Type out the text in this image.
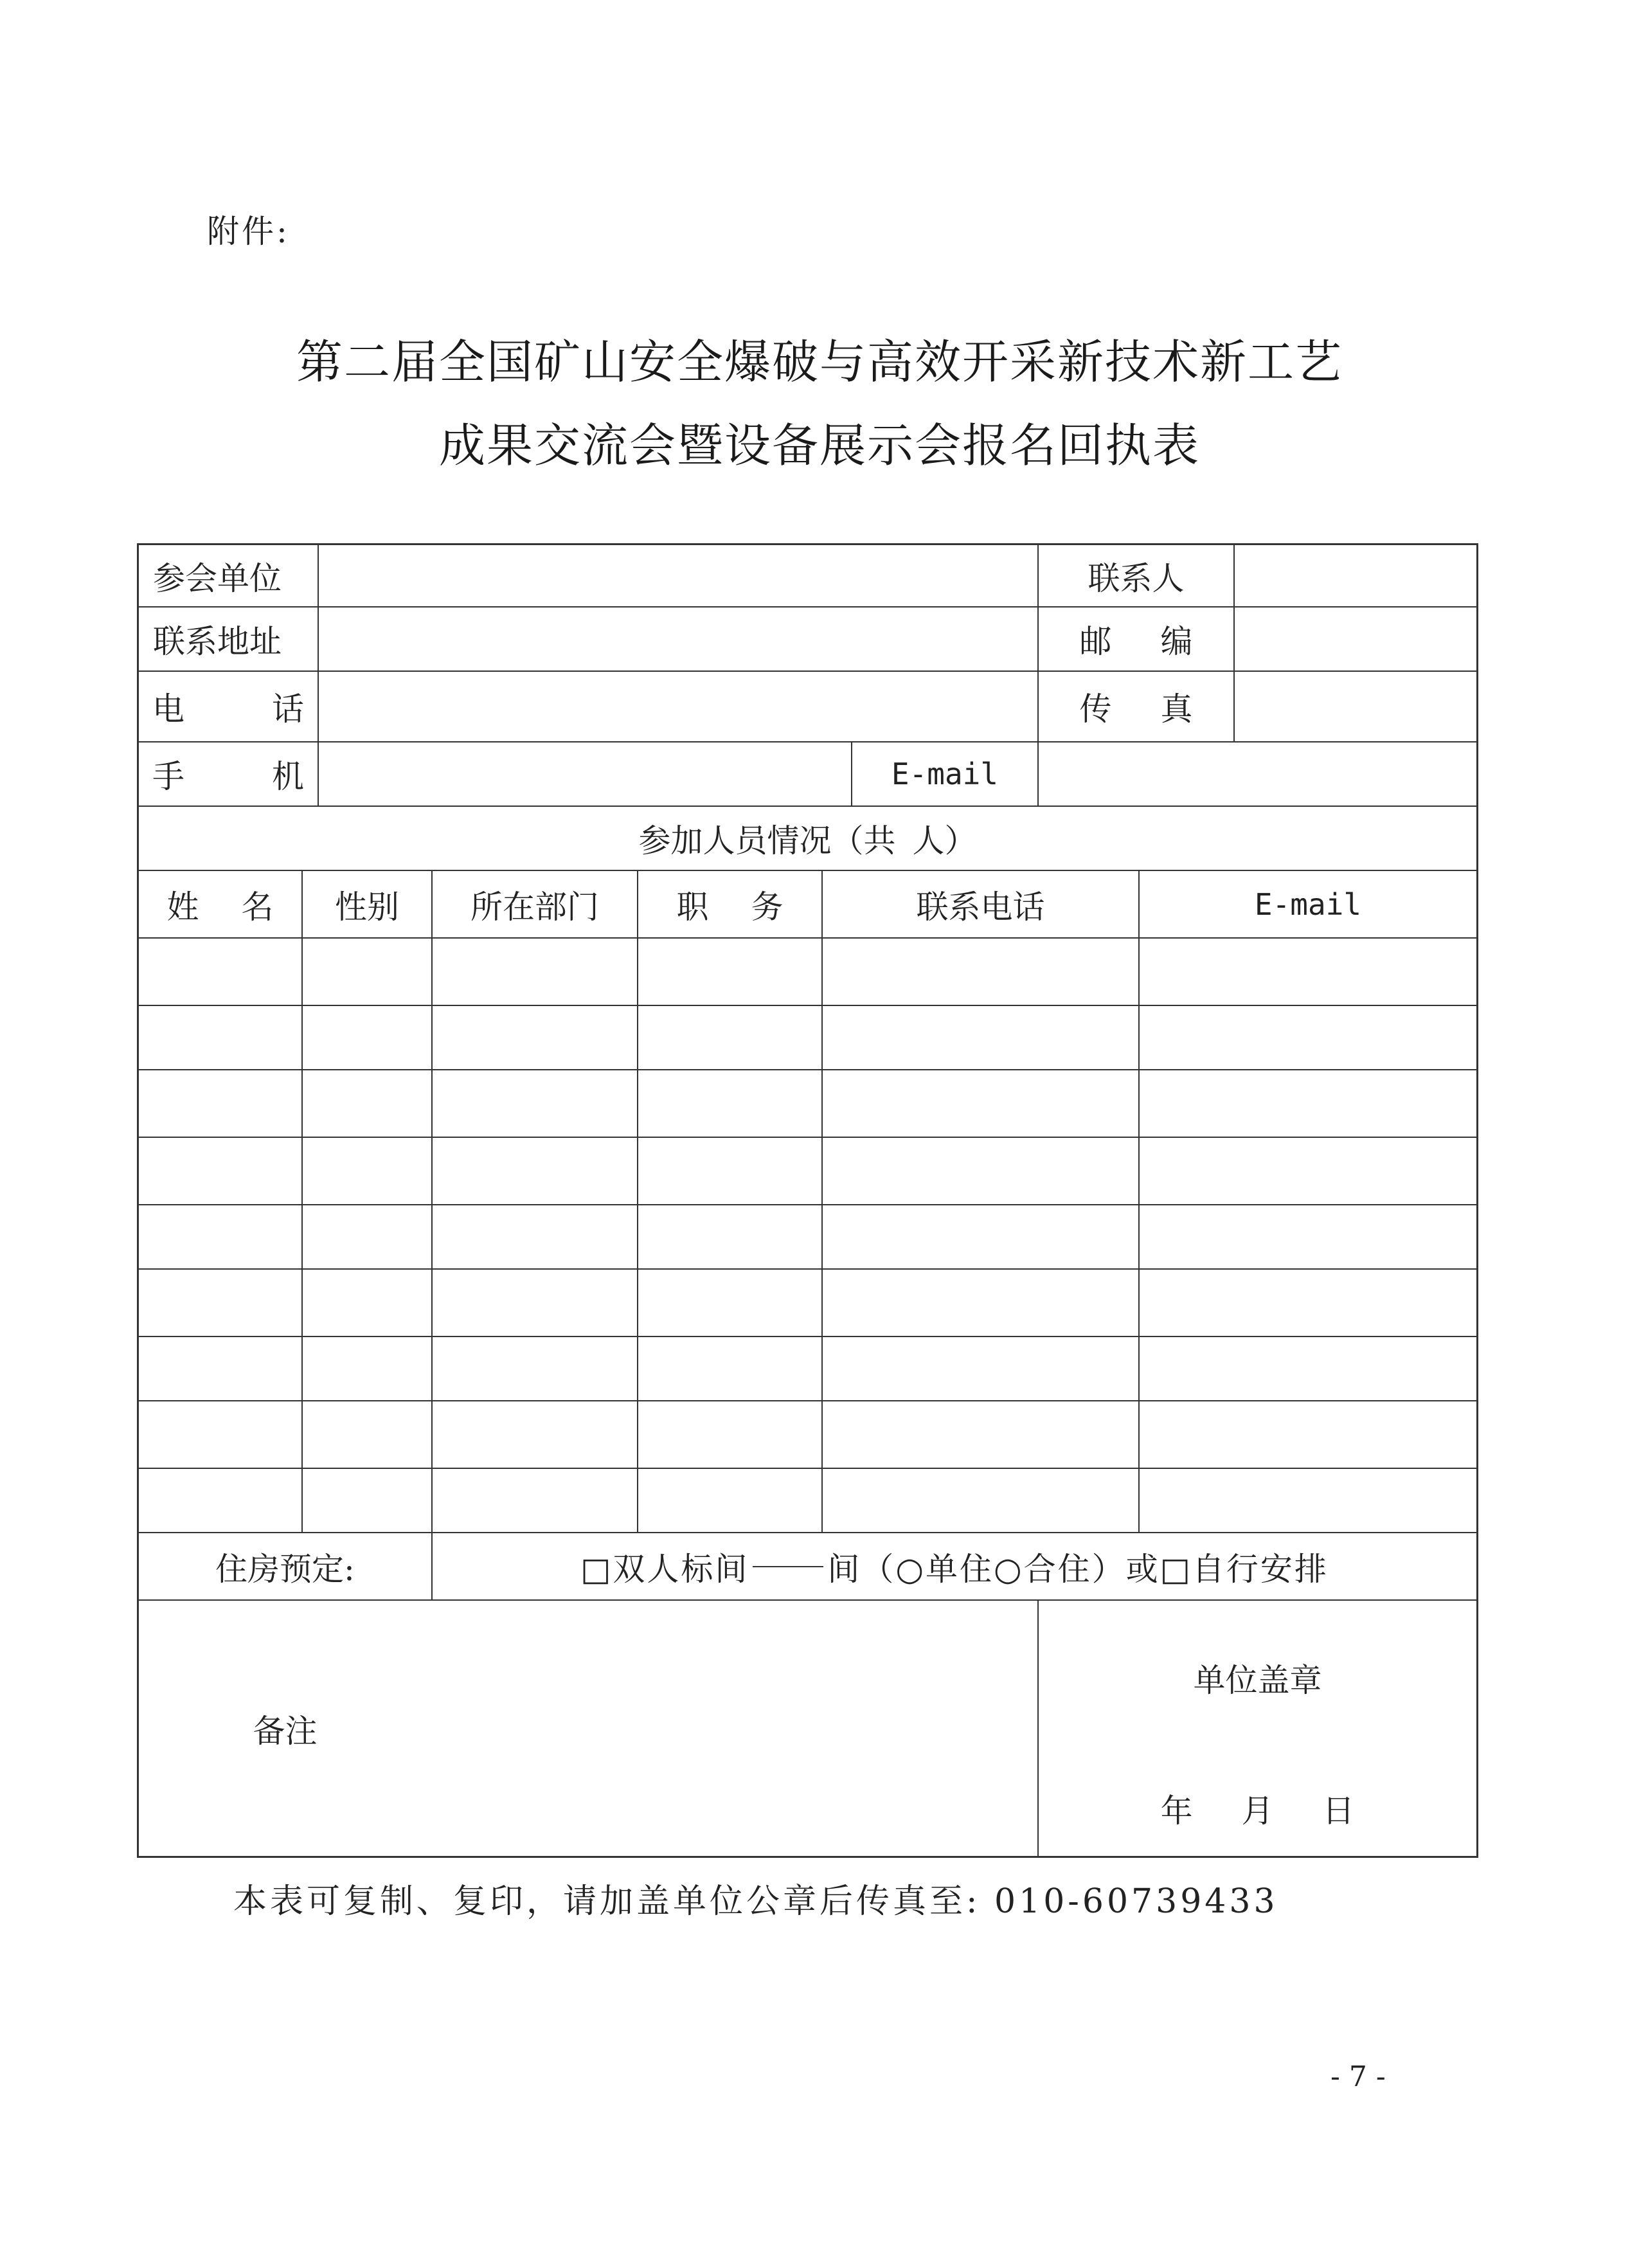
附件:
第二届全国矿山安全爆破与高效开采新技术新工艺
成果交流会暨设备展示会报名回执表
参会单位	联系人
联系地址	邮 编
电 话	传 真
手 机	E-mail
参加人员情况（共 人）
姓 名	性别	所在部门	职 务	联系电话	E-mail
住房预定:	□双人标间 间（○单住○合住）或□自行安排
备注
单位盖章
年 月 日
本表可复制、复印，请加盖单位公章后传真至: 010-60739433
- 7 -
